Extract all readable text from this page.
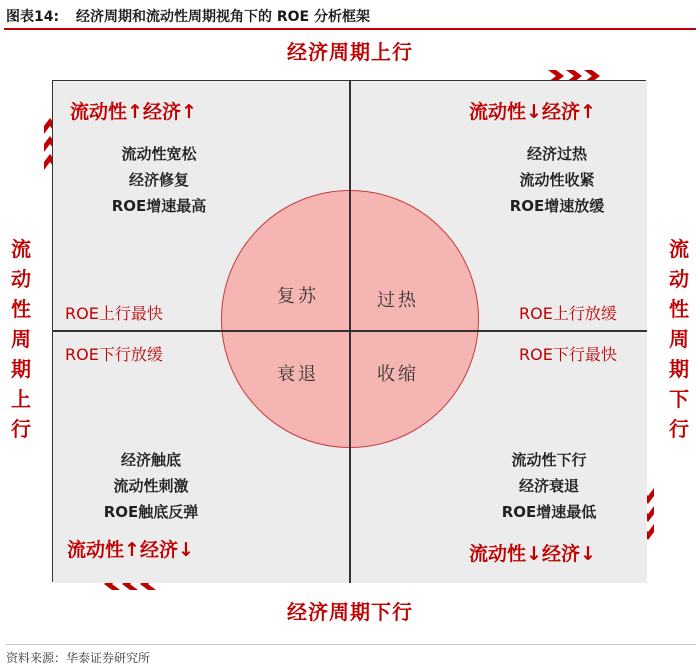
图表14: 经济周期和流动性周期视角下的 ROE 分析框架
经济周期上行
经济周期下行
流
动
性
周
期
上
行
流
动
性
周
期
下
行
复苏	过热
衰退	收缩
流动性↑经济↑
流动性宽松
经济修复
ROE增速最高
ROE上行最快
流动性↓经济↑
经济过热
流动性收紧
ROE增速放缓
ROE上行放缓
ROE下行放缓
经济触底
流动性刺激
ROE触底反弹
流动性↑经济↓
ROE下行最快
流动性下行
经济衰退
ROE增速最低
流动性↓经济↓
资料来源：华泰证券研究所
